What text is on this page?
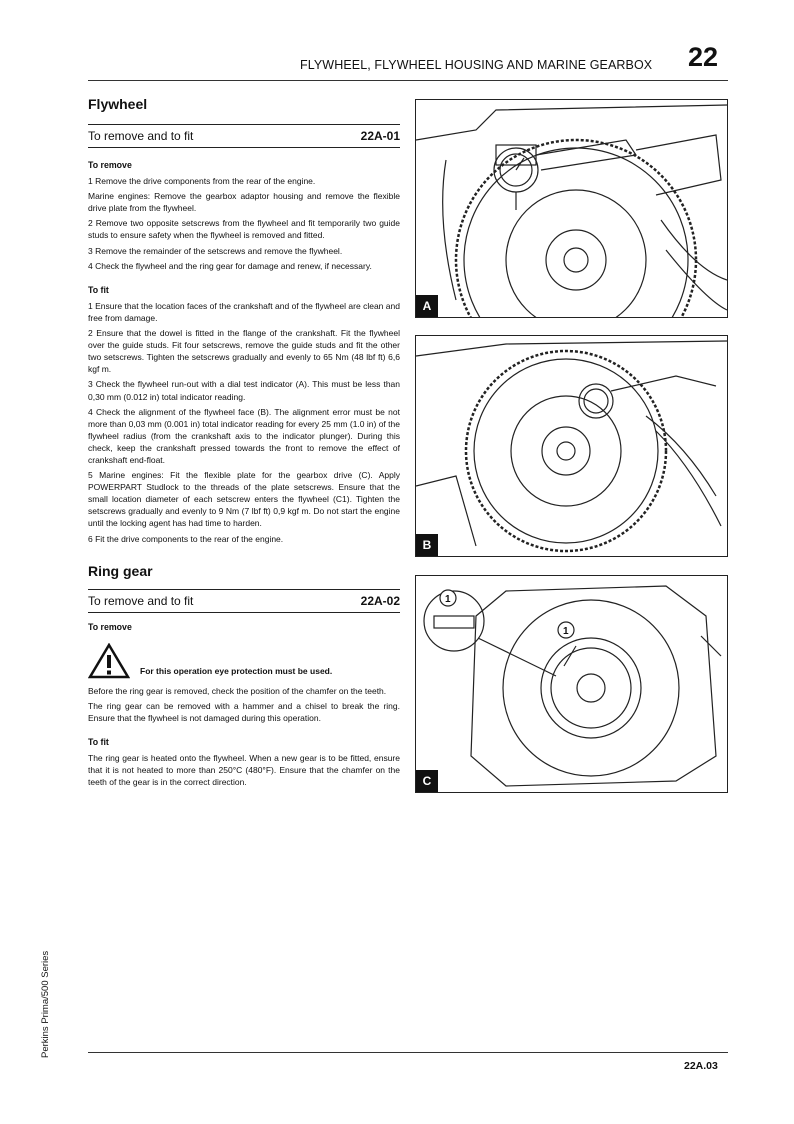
FLYWHEEL, FLYWHEEL HOUSING AND MARINE GEARBOX 22
Flywheel
To remove and to fit	22A-01
To remove

1 Remove the drive components from the rear of the engine.

Marine engines: Remove the gearbox adaptor housing and remove the flexible drive plate from the flywheel.

2 Remove two opposite setscrews from the flywheel and fit temporarily two guide studs to ensure safety when the flywheel is removed and fitted.

3 Remove the remainder of the setscrews and remove the flywheel.

4 Check the flywheel and the ring gear for damage and renew, if necessary.

To fit

1 Ensure that the location faces of the crankshaft and of the flywheel are clean and free from damage.

2 Ensure that the dowel is fitted in the flange of the crankshaft. Fit the flywheel over the guide studs. Fit four setscrews, remove the guide studs and fit the other two setscrews. Tighten the setscrews gradually and evenly to 65 Nm (48 lbf ft) 6,6 kgf m.

3 Check the flywheel run-out with a dial test indicator (A). This must be less than 0,30 mm (0.012 in) total indicator reading.

4 Check the alignment of the flywheel face (B). The alignment error must be not more than 0,03 mm (0.001 in) total indicator reading for every 25 mm (1.0 in) of the flywheel radius (from the crankshaft axis to the indicator plunger). During this check, keep the crankshaft pressed towards the front to remove the effect of crankshaft end-float.

5 Marine engines: Fit the flexible plate for the gearbox drive (C). Apply POWERPART Studlock to the threads of the plate setscrews. Ensure that the small location diameter of each setscrew enters the flywheel (C1). Tighten the setscrews gradually and evenly to 9 Nm (7 lbf ft) 0,9 kgf m. Do not start the engine until the locking agent has had time to harden.

6 Fit the drive components to the rear of the engine.

Ring gear
To remove and to fit	22A-02
To remove
For this operation eye protection must be used.

Before the ring gear is removed, check the position of the chamfer on the teeth.

The ring gear can be removed with a hammer and a chisel to break the ring. Ensure that the flywheel is not damaged during this operation.

To fit

The ring gear is heated onto the flywheel. When a new gear is to be fitted, ensure that it is not heated to more than 250°C (480°F). Ensure that the chamfer on the teeth of the gear is in the correct direction.

A
B
1
1
C
Perkins Prima/500 Series
22A.03
